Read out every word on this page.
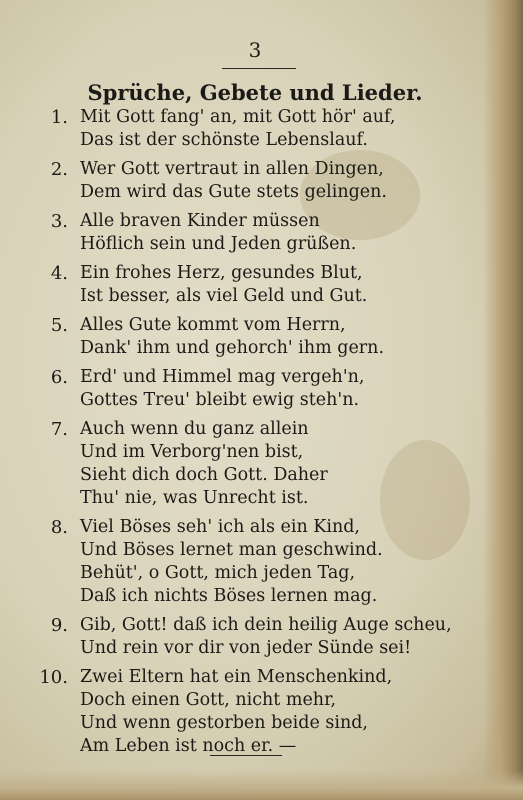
3
Sprüche, Gebete und Lieder.
1. Mit Gott fang' an, mit Gott hör' auf,
Das ist der schönste Lebenslauf.
2. Wer Gott vertraut in allen Dingen,
Dem wird das Gute stets gelingen.
3. Alle braven Kinder müssen
Höflich sein und Jeden grüßen.
4. Ein frohes Herz, gesundes Blut,
Ist besser, als viel Geld und Gut.
5. Alles Gute kommt vom Herrn,
Dank' ihm und gehorch' ihm gern.
6. Erd' und Himmel mag vergeh'n,
Gottes Treu' bleibt ewig steh'n.
7. Auch wenn du ganz allein
Und im Verborg'nen bist,
Sieht dich doch Gott. Daher
Thu' nie, was Unrecht ist.
8. Viel Böses seh' ich als ein Kind,
Und Böses lernet man geschwind.
Behüt', o Gott, mich jeden Tag,
Daß ich nichts Böses lernen mag.
9. Gib, Gott! daß ich dein heilig Auge scheu,
Und rein vor dir von jeder Sünde sei!
10. Zwei Eltern hat ein Menschenkind,
Doch einen Gott, nicht mehr,
Und wenn gestorben beide sind,
Am Leben ist noch er. —
